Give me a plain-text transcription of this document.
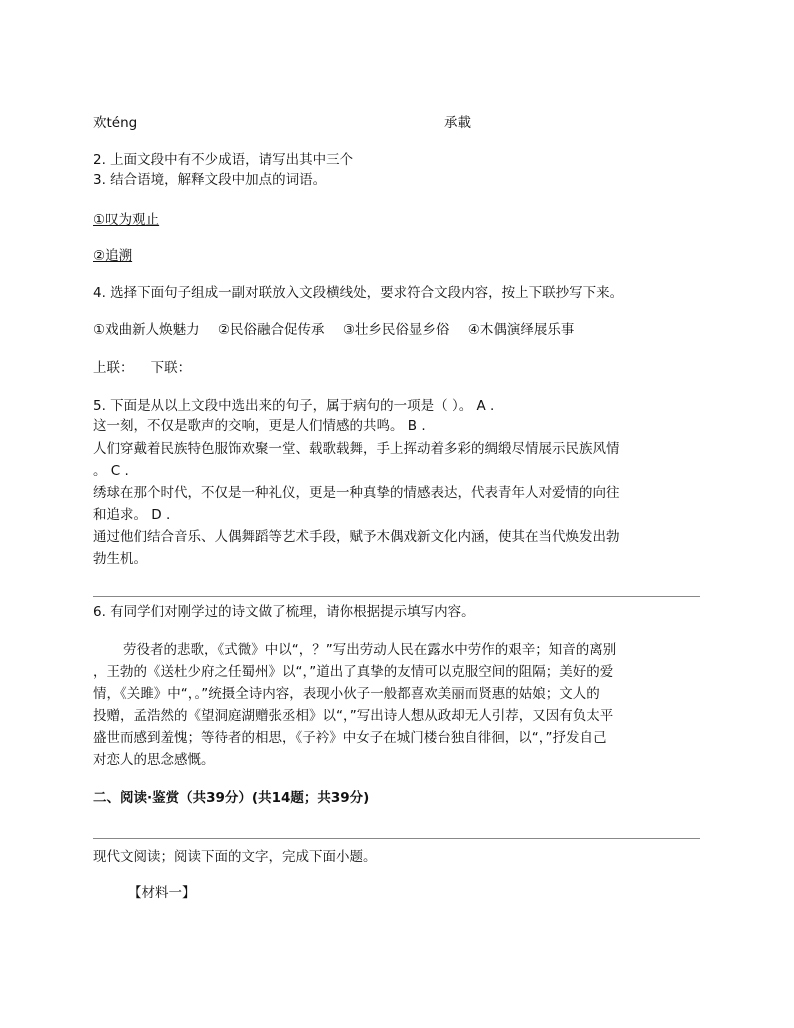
欢téng	承載
2. 上面文段中有不少成语，请写出其中三个
3. 结合语境，解释文段中加点的词语。
①叹为观止
②追溯
4. 选择下面句子组成一副对联放入文段横线处，要求符合文段内容，按上下联抄写下来。
①戏曲新人焕魅力 ②民俗融合促传承 ③壮乡民俗显乡俗 ④木偶演绎展乐事
上联：    下联：
5. 下面是从以上文段中选出来的句子，属于病句的一项是（ ）。 A .
这一刻，不仅是歌声的交响，更是人们情感的共鸣。 B .
人们穿戴着民族特色服饰欢聚一堂、载歌载舞，手上挥动着多彩的绸缎尽情展示民族风情
。 C .
绣球在那个时代，不仅是一种礼仪，更是一种真挚的情感表达，代表青年人对爱情的向往
和追求。 D .
通过他们结合音乐、人偶舞蹈等艺术手段，赋予木偶戏新文化内涵，使其在当代焕发出勃
勃生机。
6. 有同学们对刚学过的诗文做了梳理，请你根据提示填写内容。
劳役者的悲歌，《式微》中以“，？”写出劳动人民在露水中劳作的艰辛；知音的离别
，王勃的《送杜少府之任蜀州》以“，”道出了真挚的友情可以克服空间的阻隔；美好的爱
情，《关雎》中“，。”统摄全诗内容，表现小伙子一般都喜欢美丽而贤惠的姑娘；文人的
投赠，孟浩然的《望洞庭湖赠张丞相》以“，”写出诗人想从政却无人引荐，又因有负太平
盛世而感到羞愧；等待者的相思，《子衿》中女子在城门楼台独自徘徊，以“，”抒发自己
对恋人的思念感慨。
二、阅读·鉴赏（共39分）(共14题；共39分)
现代文阅读；阅读下面的文字，完成下面小题。
【材料一】
